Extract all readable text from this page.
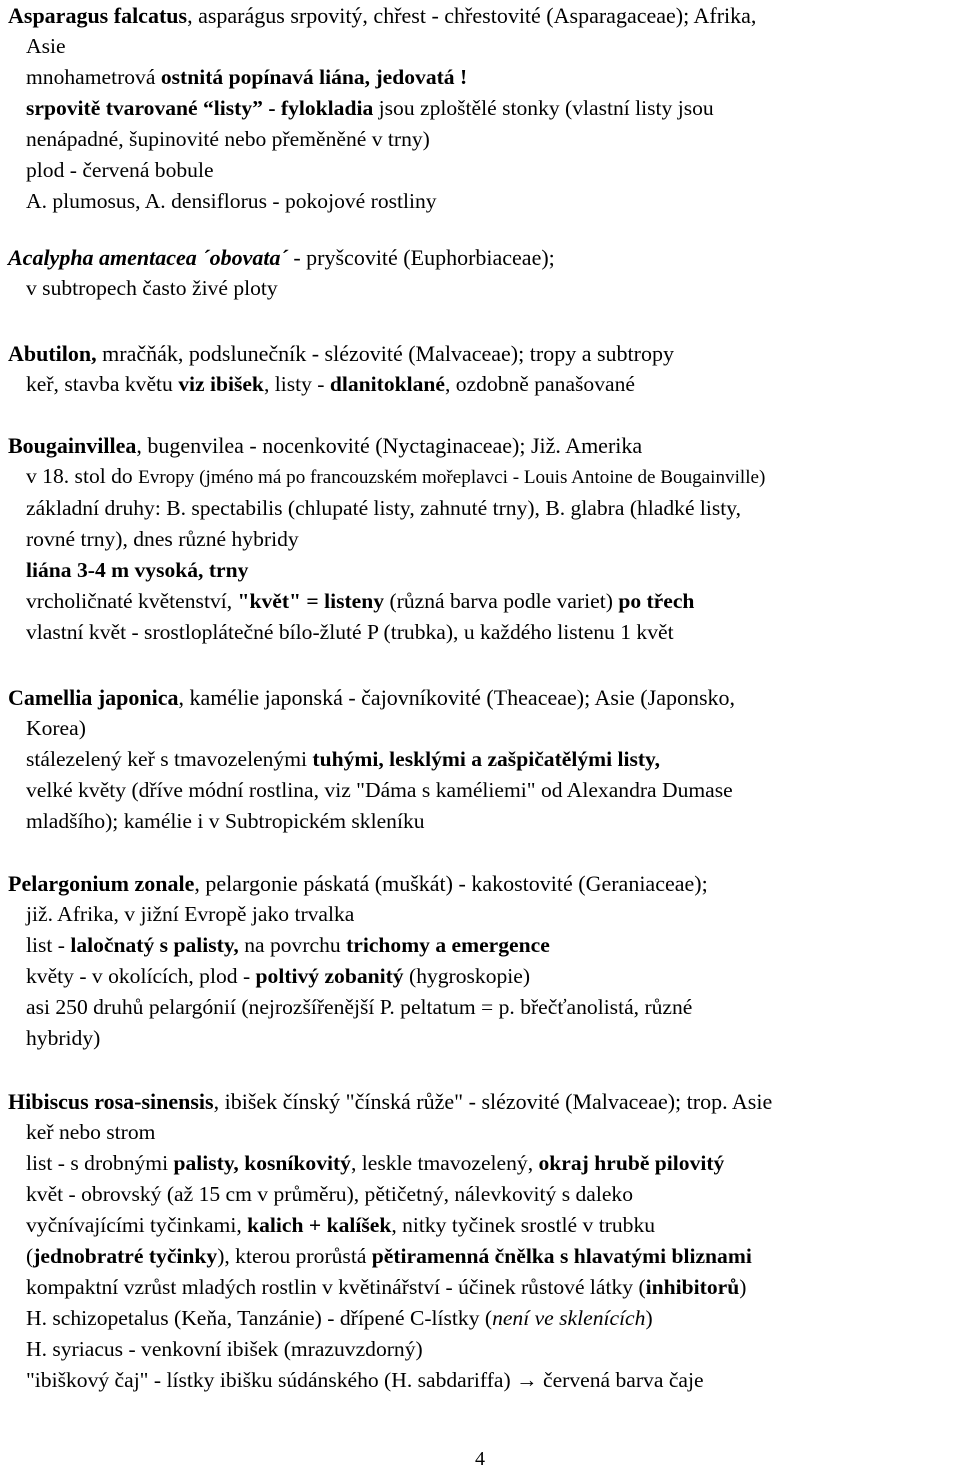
Asparagus falcatus, asparágus srpovitý, chřest - chřestovité (Asparagaceae); Afrika,

Asie

mnohametrová ostnitá popínavá liána, jedovatá !

srpovitě tvarované “listy” - fylokladia jsou zploštělé stonky (vlastní listy jsou

nenápadné, šupinovité nebo přeměněné v trny)

plod - červená bobule

A. plumosus, A. densiflorus - pokojové rostliny

Acalypha amentacea ´obovata´ - pryšcovité (Euphorbiaceae);

v subtropech často živé ploty

Abutilon, mračňák, podslunečník - slézovité (Malvaceae); tropy a subtropy

keř, stavba květu viz ibišek, listy - dlanitoklané, ozdobně panašované

Bougainvillea, bugenvilea - nocenkovité (Nyctaginaceae); Již. Amerika

v 18. stol do Evropy (jméno má po francouzském mořeplavci - Louis Antoine de Bougainville)

základní druhy: B. spectabilis (chlupaté listy, zahnuté trny), B. glabra (hladké listy,

rovné trny), dnes různé hybridy

liána 3-4 m vysoká, trny

vrcholičnaté květenství, "květ" = listeny (různá barva podle variet) po třech

vlastní květ - srostloplátečné bílo-žluté P (trubka), u každého listenu 1 květ

Camellia japonica, kamélie japonská - čajovníkovité (Theaceae); Asie (Japonsko,

Korea)

stálezelený keř s tmavozelenými tuhými, lesklými a zašpičatělými listy,

velké květy (dříve módní rostlina, viz "Dáma s kaméliemi" od Alexandra Dumase

mladšího); kamélie i v Subtropickém skleníku

Pelargonium zonale, pelargonie páskatá (muškát) - kakostovité (Geraniaceae);

již. Afrika, v jižní Evropě jako trvalka

list - laločnatý s palisty, na povrchu trichomy a emergence

květy - v okolících, plod - poltivý zobanitý (hygroskopie)

asi 250 druhů pelargónií (nejrozšířenější P. peltatum = p. břečťanolistá, různé

hybridy)

Hibiscus rosa-sinensis, ibišek čínský "čínská růže" - slézovité (Malvaceae); trop. Asie

keř nebo strom

list - s drobnými palisty, kosníkovitý, leskle tmavozelený, okraj hrubě pilovitý

květ - obrovský (až 15 cm v průměru), pětičetný, nálevkovitý s daleko

vyčnívajícími tyčinkami, kalich + kalíšek, nitky tyčinek srostlé v trubku

(jednobratré tyčinky), kterou prorůstá pětiramenná čnělka s hlavatými bliznami

kompaktní vzrůst mladých rostlin v květinářství - účinek růstové látky (inhibitorů)

H. schizopetalus (Keňa, Tanzánie) - dřípené C-lístky (není ve sklenících)

H. syriacus - venkovní ibišek (mrazuvzdorný)

"ibiškový čaj" - lístky ibišku súdánského (H. sabdariffa) → červená barva čaje

4
